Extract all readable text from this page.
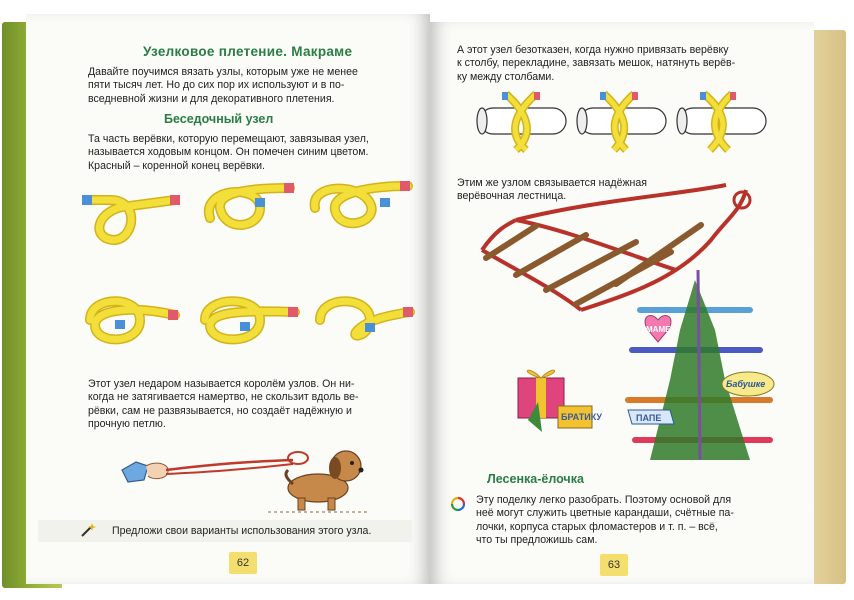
Узелковое плетение. Макраме
Давайте поучимся вязать узлы, которым уже не менее
пяти тысяч лет. Но до сих пор их используют и в по-
вседневной жизни и для декоративного плетения.
Беседочный узел
Та часть верёвки, которую перемещают, завязывая узел,
называется ходовым концом. Он помечен синим цветом.
Красный – коренной конец верёвки.
Этот узел недаром называется королём узлов. Он ни-
когда не затягивается намертво, не скользит вдоль ве-
рёвки, сам не развязывается, но создаёт надёжную и
прочную петлю.
Предложи свои варианты использования этого узла.
62
А этот узел безотказен, когда нужно привязать верёвку
к столбу, перекладине, завязать мешок, натянуть верёв-
ку между столбами.
Этим же узлом связывается надёжная
верёвочная лестница.
БРАТИКУ
МАМЕ
Бабушке
ПАПЕ
Лесенка-ёлочка
Эту поделку легко разобрать. Поэтому основой для
неё могут служить цветные карандаши, счётные па-
лочки, корпуса старых фломастеров и т. п. – всё,
что ты предложишь сам.
63
